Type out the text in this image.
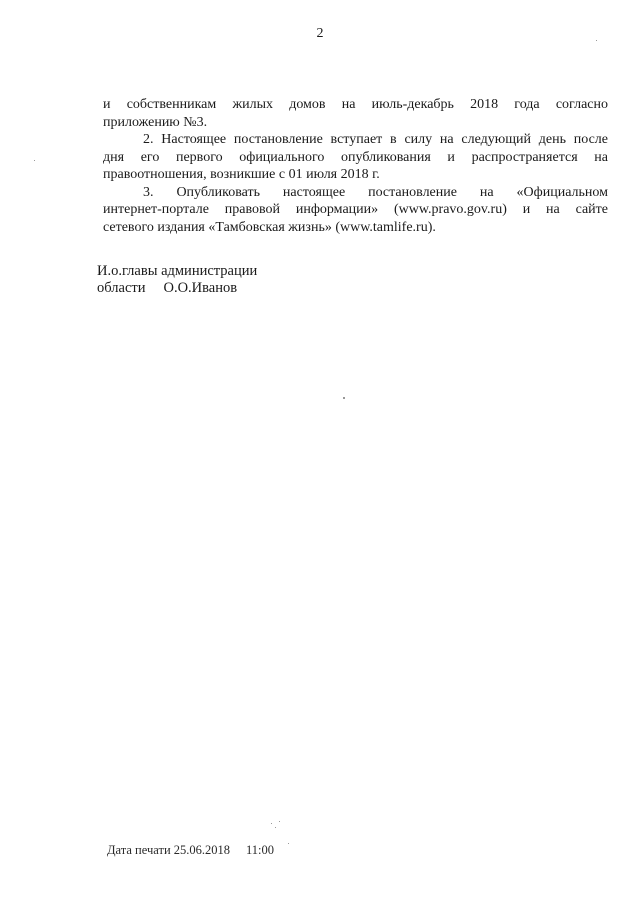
2

и собственникам жилых домов на июль-декабрь 2018 года согласно

приложению №3.

2. Настоящее постановление вступает в силу на следующий день после

дня его первого официального опубликования и распространяется на

правоотношения, возникшие с 01 июля 2018 г.

3. Опубликовать настоящее постановление на «Официальном

интернет-портале правовой информации» (www.pravo.gov.ru) и на сайте

сетевого издания «Тамбовская жизнь» (www.tamlife.ru).

И.о.главы администрации
области О.О.Иванов
Дата печати 25.06.2018 11:00
